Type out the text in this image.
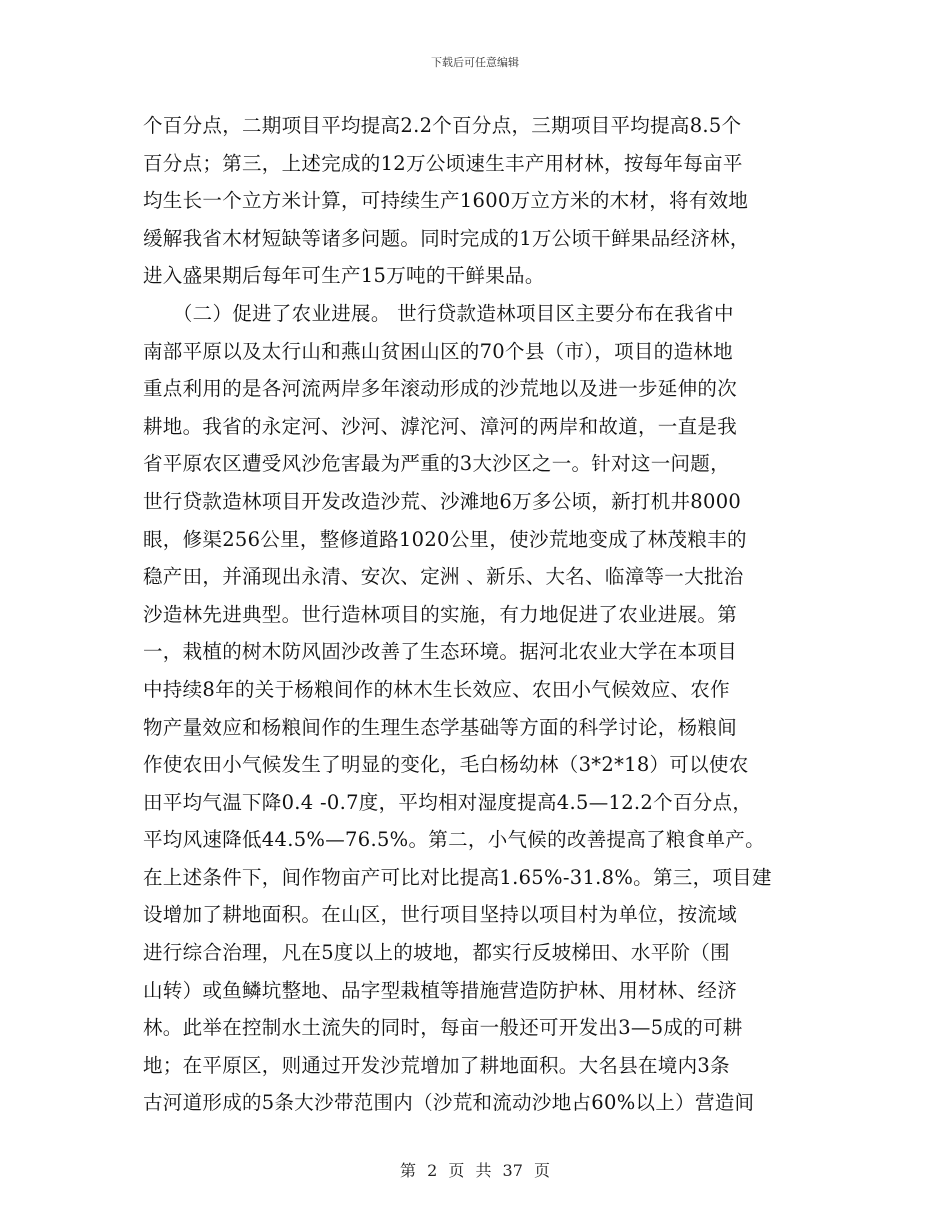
下载后可任意编辑
个百分点，二期项目平均提高2.2个百分点，三期项目平均提高8.5个
百分点；第三，上述完成的12万公顷速生丰产用材林，按每年每亩平
均生长一个立方米计算，可持续生产1600万立方米的木材，将有效地
缓解我省木材短缺等诸多问题。同时完成的1万公顷干鲜果品经济林，
进入盛果期后每年可生产15万吨的干鲜果品。
　　（二）促进了农业进展。 世行贷款造林项目区主要分布在我省中
南部平原以及太行山和燕山贫困山区的70个县（市），项目的造林地
重点利用的是各河流两岸多年滚动形成的沙荒地以及进一步延伸的次
耕地。我省的永定河、沙河、滹沱河、漳河的两岸和故道，一直是我
省平原农区遭受风沙危害最为严重的3大沙区之一。针对这一问题，
世行贷款造林项目开发改造沙荒、沙滩地6万多公顷，新打机井8000
眼，修渠256公里，整修道路1020公里，使沙荒地变成了林茂粮丰的
稳产田，并涌现出永清、安次、定洲 、新乐、大名、临漳等一大批治
沙造林先进典型。世行造林项目的实施，有力地促进了农业进展。第
一，栽植的树木防风固沙改善了生态环境。据河北农业大学在本项目
中持续8年的关于杨粮间作的林木生长效应、农田小气候效应、农作
物产量效应和杨粮间作的生理生态学基础等方面的科学讨论，杨粮间
作使农田小气候发生了明显的变化，毛白杨幼林（3*2*18）可以使农
田平均气温下降0.4 -0.7度，平均相对湿度提高4.5—12.2个百分点，
平均风速降低44.5%—76.5%。第二，小气候的改善提高了粮食单产。
在上述条件下，间作物亩产可比对比提高1.65%-31.8%。第三，项目建
设增加了耕地面积。在山区，世行项目坚持以项目村为单位，按流域
进行综合治理，凡在5度以上的坡地，都实行反坡梯田、水平阶（围
山转）或鱼鳞坑整地、品字型栽植等措施营造防护林、用材林、经济
林。此举在控制水土流失的同时，每亩一般还可开发出3—5成的可耕
地；在平原区，则通过开发沙荒增加了耕地面积。大名县在境内3条
古河道形成的5条大沙带范围内（沙荒和流动沙地占60%以上）营造间
第 2 页 共 37 页
